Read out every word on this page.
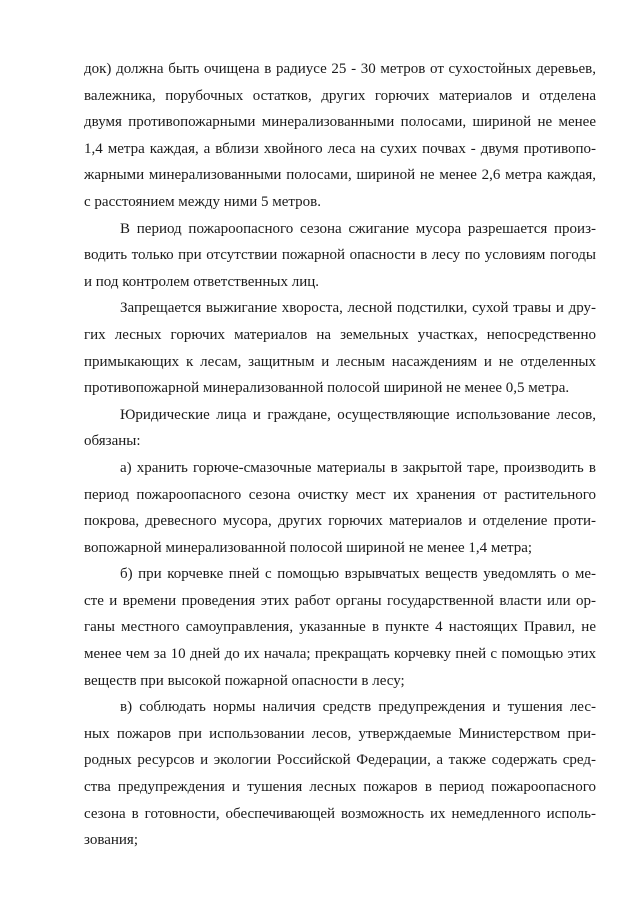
док) должна быть очищена в радиусе 25 - 30 метров от сухостойных деревьев,
валежника, порубочных остатков, других горючих материалов и отделена
двумя противопожарными минерализованными полосами, шириной не менее
1,4 метра каждая, а вблизи хвойного леса на сухих почвах - двумя противопо-
жарными минерализованными полосами, шириной не менее 2,6 метра каждая,
с расстоянием между ними 5 метров.
В период пожароопасного сезона сжигание мусора разрешается произ-
водить только при отсутствии пожарной опасности в лесу по условиям погоды
и под контролем ответственных лиц.
Запрещается выжигание хвороста, лесной подстилки, сухой травы и дру-
гих лесных горючих материалов на земельных участках, непосредственно
примыкающих к лесам, защитным и лесным насаждениям и не отделенных
противопожарной минерализованной полосой шириной не менее 0,5 метра.
Юридические лица и граждане, осуществляющие использование лесов,
обязаны:
а) хранить горюче-смазочные материалы в закрытой таре, производить в
период пожароопасного сезона очистку мест их хранения от растительного
покрова, древесного мусора, других горючих материалов и отделение проти-
вопожарной минерализованной полосой шириной не менее 1,4 метра;
б) при корчевке пней с помощью взрывчатых веществ уведомлять о ме-
сте и времени проведения этих работ органы государственной власти или ор-
ганы местного самоуправления, указанные в пункте 4 настоящих Правил, не
менее чем за 10 дней до их начала; прекращать корчевку пней с помощью этих
веществ при высокой пожарной опасности в лесу;
в) соблюдать нормы наличия средств предупреждения и тушения лес-
ных пожаров при использовании лесов, утверждаемые Министерством при-
родных ресурсов и экологии Российской Федерации, а также содержать сред-
ства предупреждения и тушения лесных пожаров в период пожароопасного
сезона в готовности, обеспечивающей возможность их немедленного исполь-
зования;
